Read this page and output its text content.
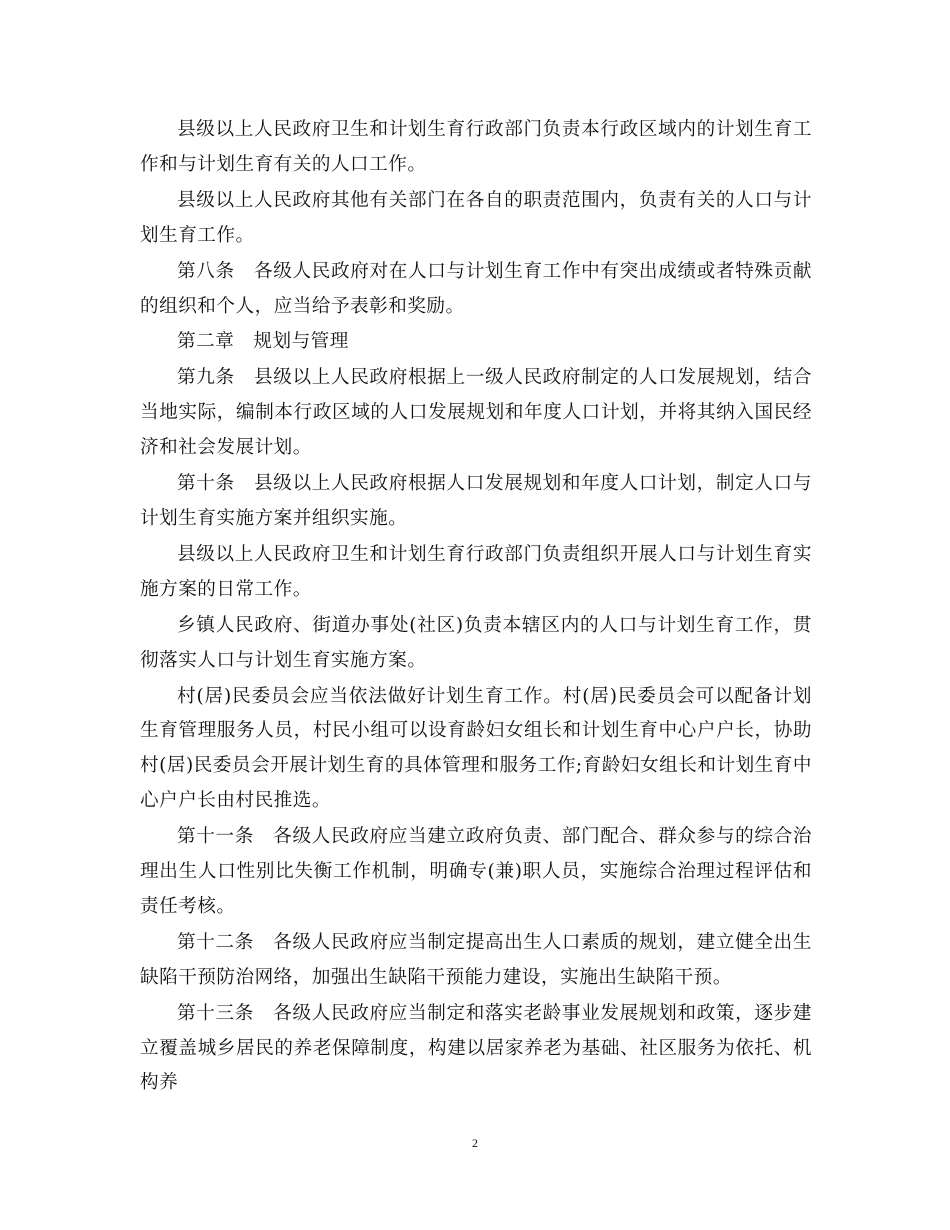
县级以上人民政府卫生和计划生育行政部门负责本行政区域内的计划生育工作和与计划生育有关的人口工作。

县级以上人民政府其他有关部门在各自的职责范围内，负责有关的人口与计划生育工作。

第八条　各级人民政府对在人口与计划生育工作中有突出成绩或者特殊贡献的组织和个人，应当给予表彰和奖励。

第二章　规划与管理

第九条　县级以上人民政府根据上一级人民政府制定的人口发展规划，结合当地实际，编制本行政区域的人口发展规划和年度人口计划，并将其纳入国民经济和社会发展计划。

第十条　县级以上人民政府根据人口发展规划和年度人口计划，制定人口与计划生育实施方案并组织实施。

县级以上人民政府卫生和计划生育行政部门负责组织开展人口与计划生育实施方案的日常工作。

乡镇人民政府、街道办事处(社区)负责本辖区内的人口与计划生育工作，贯彻落实人口与计划生育实施方案。

村(居)民委员会应当依法做好计划生育工作。村(居)民委员会可以配备计划生育管理服务人员，村民小组可以设育龄妇女组长和计划生育中心户户长，协助村(居)民委员会开展计划生育的具体管理和服务工作;育龄妇女组长和计划生育中心户户长由村民推选。

第十一条　各级人民政府应当建立政府负责、部门配合、群众参与的综合治理出生人口性别比失衡工作机制，明确专(兼)职人员，实施综合治理过程评估和责任考核。

第十二条　各级人民政府应当制定提高出生人口素质的规划，建立健全出生缺陷干预防治网络，加强出生缺陷干预能力建设，实施出生缺陷干预。

第十三条　各级人民政府应当制定和落实老龄事业发展规划和政策，逐步建立覆盖城乡居民的养老保障制度，构建以居家养老为基础、社区服务为依托、机构养

2
